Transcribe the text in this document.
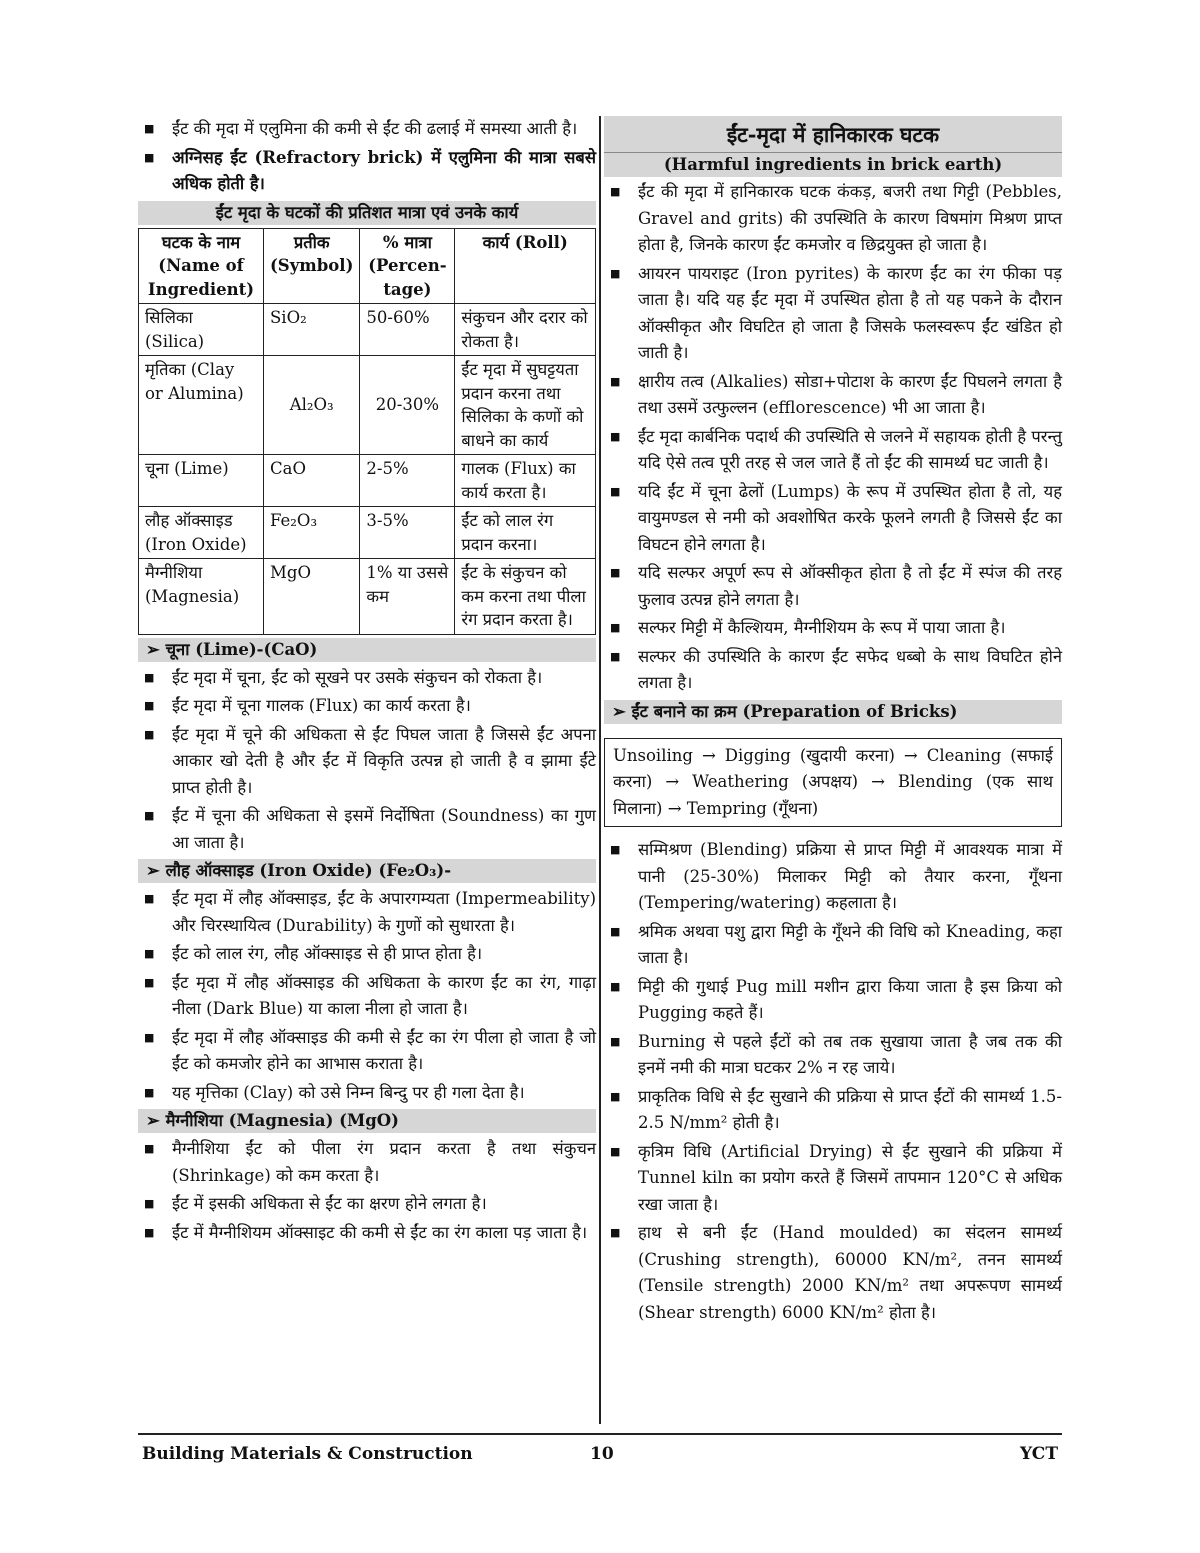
■ ईंट की मृदा में एलुमिना की कमी से ईंट की ढलाई में समस्या आती है।
■ अग्निसह ईंट (Refractory brick) में एलुमिना की मात्रा सबसे अधिक होती है।
ईंट मृदा के घटकों की प्रतिशत मात्रा एवं उनके कार्य
घटक के नाम (Name of Ingredient)	प्रतीक (Symbol)	% मात्रा (Percen-tage)	कार्य (Roll)
सिलिका (Silica)	SiO₂	50-60%	संकुचन और दरार को रोकता है।
मृतिका (Clay or Alumina)	Al₂O₃	20-30%	ईंट मृदा में सुघट्टयता प्रदान करना तथा सिलिका के कणों को बाधने का कार्य
चूना (Lime)	CaO	2-5%	गालक (Flux) का कार्य करता है।
लौह ऑक्साइड (Iron Oxide)	Fe₂O₃	3-5%	ईंट को लाल रंग प्रदान करना।
मैग्नीशिया (Magnesia)	MgO	1% या उससे कम	ईंट के संकुचन को कम करना तथा पीला रंग प्रदान करता है।
➢ चूना (Lime)-(CaO)
■ ईंट मृदा में चूना, ईंट को सूखने पर उसके संकुचन को रोकता है।
■ ईंट मृदा में चूना गालक (Flux) का कार्य करता है।
■ ईंट मृदा में चूने की अधिकता से ईंट पिघल जाता है जिससे ईंट अपना आकार खो देती है और ईंट में विकृति उत्पन्न हो जाती है व झामा ईंटे प्राप्त होती है।
■ ईंट में चूना की अधिकता से इसमें निर्दोषिता (Soundness) का गुण आ जाता है।
➢ लौह ऑक्साइड (Iron Oxide) (Fe₂O₃)-
■ ईंट मृदा में लौह ऑक्साइड, ईंट के अपारगम्यता (Impermeability) और चिरस्थायित्व (Durability) के गुणों को सुधारता है।
■ ईंट को लाल रंग, लौह ऑक्साइड से ही प्राप्त होता है।
■ ईंट मृदा में लौह ऑक्साइड की अधिकता के कारण ईंट का रंग, गाढ़ा नीला (Dark Blue) या काला नीला हो जाता है।
■ ईंट मृदा में लौह ऑक्साइड की कमी से ईंट का रंग पीला हो जाता है जो ईंट को कमजोर होने का आभास कराता है।
■ यह मृत्तिका (Clay) को उसे निम्न बिन्दु पर ही गला देता है।
➢ मैग्नीशिया (Magnesia) (MgO)
■ मैग्नीशिया ईंट को पीला रंग प्रदान करता है तथा संकुचन (Shrinkage) को कम करता है।
■ ईंट में इसकी अधिकता से ईंट का क्षरण होने लगता है।
■ ईंट में मैग्नीशियम ऑक्साइट की कमी से ईंट का रंग काला पड़ जाता है।
ईंट-मृदा में हानिकारक घटक
(Harmful ingredients in brick earth)
■ ईंट की मृदा में हानिकारक घटक कंकड़, बजरी तथा गिट्टी (Pebbles, Gravel and grits) की उपस्थिति के कारण विषमांग मिश्रण प्राप्त होता है, जिनके कारण ईंट कमजोर व छिद्रयुक्त हो जाता है।
■ आयरन पायराइट (Iron pyrites) के कारण ईंट का रंग फीका पड़ जाता है। यदि यह ईंट मृदा में उपस्थित होता है तो यह पकने के दौरान ऑक्सीकृत और विघटित हो जाता है जिसके फलस्वरूप ईंट खंडित हो जाती है।
■ क्षारीय तत्व (Alkalies) सोडा+पोटाश के कारण ईंट पिघलने लगता है तथा उसमें उत्फुल्लन (efflorescence) भी आ जाता है।
■ ईंट मृदा कार्बनिक पदार्थ की उपस्थिति से जलने में सहायक होती है परन्तु यदि ऐसे तत्व पूरी तरह से जल जाते हैं तो ईंट की सामर्थ्य घट जाती है।
■ यदि ईंट में चूना ढेलों (Lumps) के रूप में उपस्थित होता है तो, यह वायुमण्डल से नमी को अवशोषित करके फूलने लगती है जिससे ईंट का विघटन होने लगता है।
■ यदि सल्फर अपूर्ण रूप से ऑक्सीकृत होता है तो ईंट में स्पंज की तरह फुलाव उत्पन्न होने लगता है।
■ सल्फर मिट्टी में कैल्शियम, मैग्नीशियम के रूप में पाया जाता है।
■ सल्फर की उपस्थिति के कारण ईंट सफेद धब्बो के साथ विघटित होने लगता है।
➢ ईंट बनाने का क्रम (Preparation of Bricks)
Unsoiling → Digging (खुदायी करना) → Cleaning (सफाई करना) → Weathering (अपक्षय) → Blending (एक साथ मिलाना) → Tempring (गूँथना)
■ सम्मिश्रण (Blending) प्रक्रिया से प्राप्त मिट्टी में आवश्यक मात्रा में पानी (25-30%) मिलाकर मिट्टी को तैयार करना, गूँथना (Tempering/watering) कहलाता है।
■ श्रमिक अथवा पशु द्वारा मिट्टी के गूँथने की विधि को Kneading, कहा जाता है।
■ मिट्टी की गुथाई Pug mill मशीन द्वारा किया जाता है इस क्रिया को Pugging कहते हैं।
■ Burning से पहले ईंटों को तब तक सुखाया जाता है जब तक की इनमें नमी की मात्रा घटकर 2% न रह जाये।
■ प्राकृतिक विधि से ईंट सुखाने की प्रक्रिया से प्राप्त ईंटों की सामर्थ्य 1.5-2.5 N/mm² होती है।
■ कृत्रिम विधि (Artificial Drying) से ईंट सुखाने की प्रक्रिया में Tunnel kiln का प्रयोग करते हैं जिसमें तापमान 120°C से अधिक रखा जाता है।
■ हाथ से बनी ईंट (Hand moulded) का संदलन सामर्थ्य (Crushing strength), 60000 KN/m², तनन सामर्थ्य (Tensile strength) 2000 KN/m² तथा अपरूपण सामर्थ्य (Shear strength) 6000 KN/m² होता है।
Building Materials & Construction	10	YCT
